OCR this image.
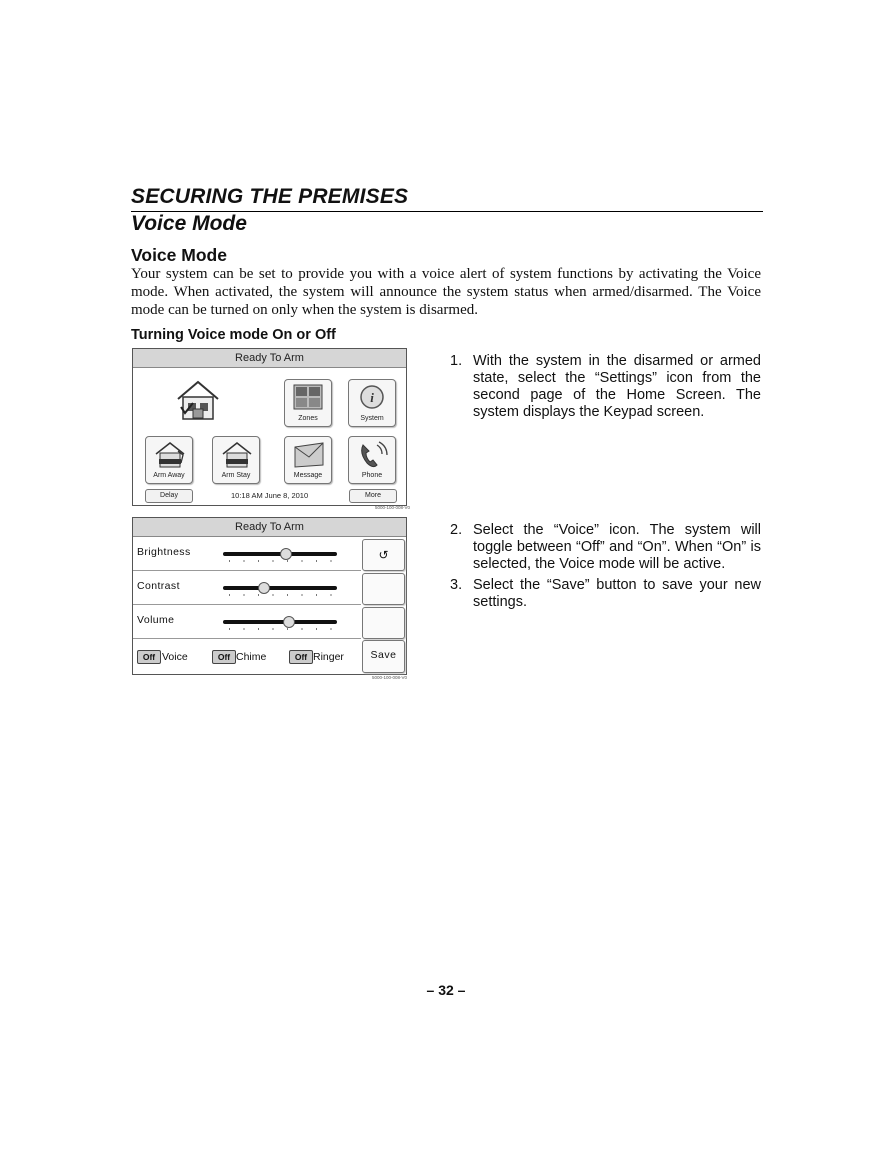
SECURING THE PREMISES
Voice Mode
Voice Mode
Your system can be set to provide you with a voice alert of system functions by activating the Voice mode. When activated, the system will announce the system status when armed/disarmed. The Voice mode can be turned on only when the system is disarmed.
Turning Voice mode On or Off
Ready To Arm
Zones
i
System
Arm Away	Arm Stay	Message	Phone
Delay	10:18 AM June 8, 2010	More
5000-100-008-V0
Ready To Arm
Brightness
Contrast
Volume
↺
Save
Off Voice	Off Chime	Off Ringer
5000-100-008-V0
1. With the system in the disarmed or armed state, select the “Settings” icon from the second page of the Home Screen. The system displays the Keypad screen.
2. Select the “Voice” icon. The system will toggle between “Off” and “On”. When “On” is selected, the Voice mode will be active.
3. Select the “Save” button to save your new settings.
– 32 –
